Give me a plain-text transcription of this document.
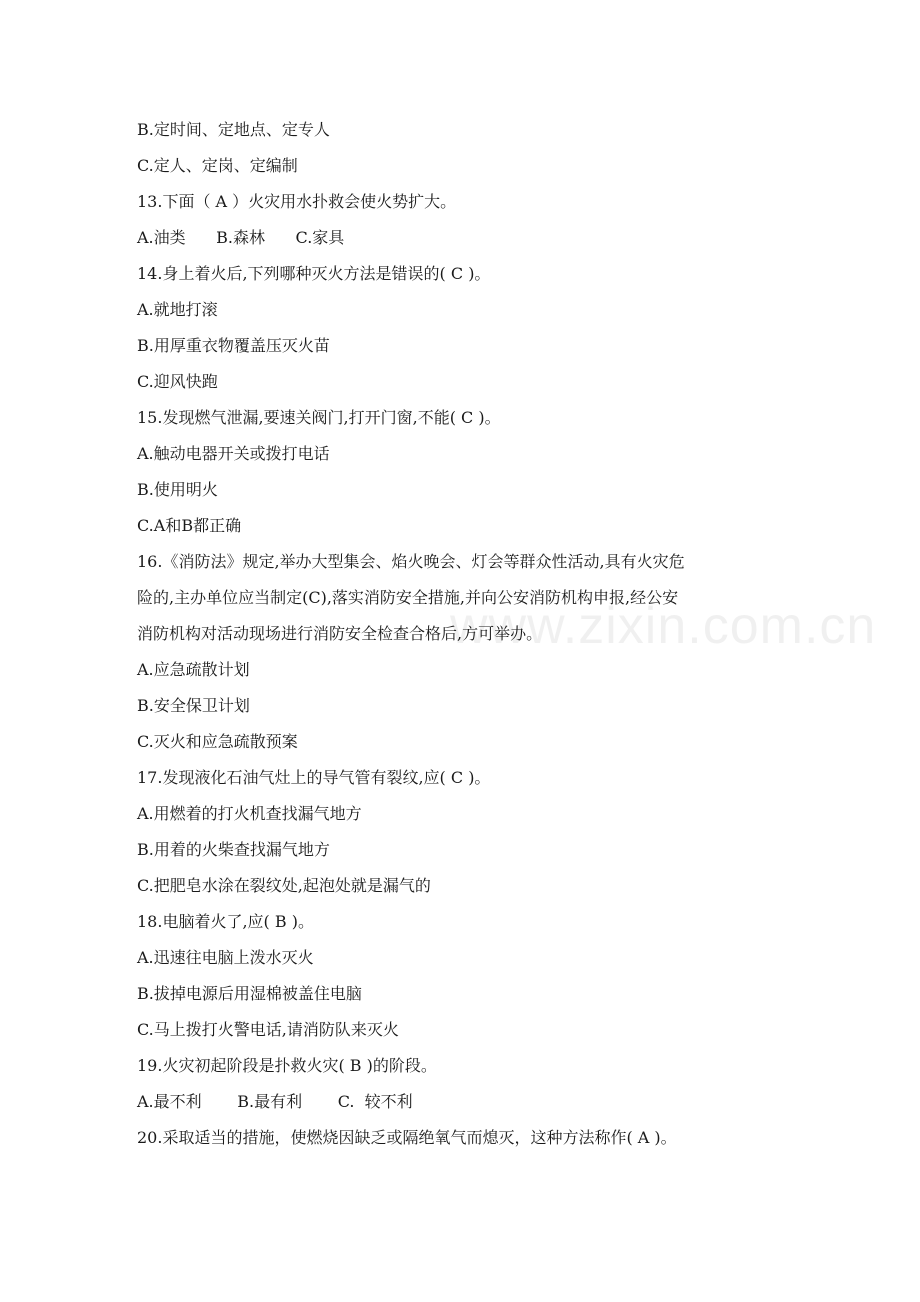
www.zixin.com.cn

B.定时间、定地点、定专人

C.定人、定岗、定编制

13.下面（ A ）火灾用水扑救会使火势扩大。

A.油类      B.森林      C.家具

14.身上着火后,下列哪种灭火方法是错误的( C )。

A.就地打滚

B.用厚重衣物覆盖压灭火苗

C.迎风快跑

15.发现燃气泄漏,要速关阀门,打开门窗,不能( C )。

A.触动电器开关或拨打电话

B.使用明火

C.A和B都正确

16.《消防法》规定,举办大型集会、焰火晚会、灯会等群众性活动,具有火灾危

险的,主办单位应当制定(C),落实消防安全措施,并向公安消防机构申报,经公安

消防机构对活动现场进行消防安全检查合格后,方可举办。

A.应急疏散计划

B.安全保卫计划

C.灭火和应急疏散预案

17.发现液化石油气灶上的导气管有裂纹,应( C )。

A.用燃着的打火机查找漏气地方

B.用着的火柴查找漏气地方

C.把肥皂水涂在裂纹处,起泡处就是漏气的

18.电脑着火了,应( B )。

A.迅速往电脑上泼水灭火

B.拔掉电源后用湿棉被盖住电脑

C.马上拨打火警电话,请消防队来灭火

19.火灾初起阶段是扑救火灾( B )的阶段。

A.最不利       B.最有利       C.  较不利

20.采取适当的措施，使燃烧因缺乏或隔绝氧气而熄灭，这种方法称作( A )。
